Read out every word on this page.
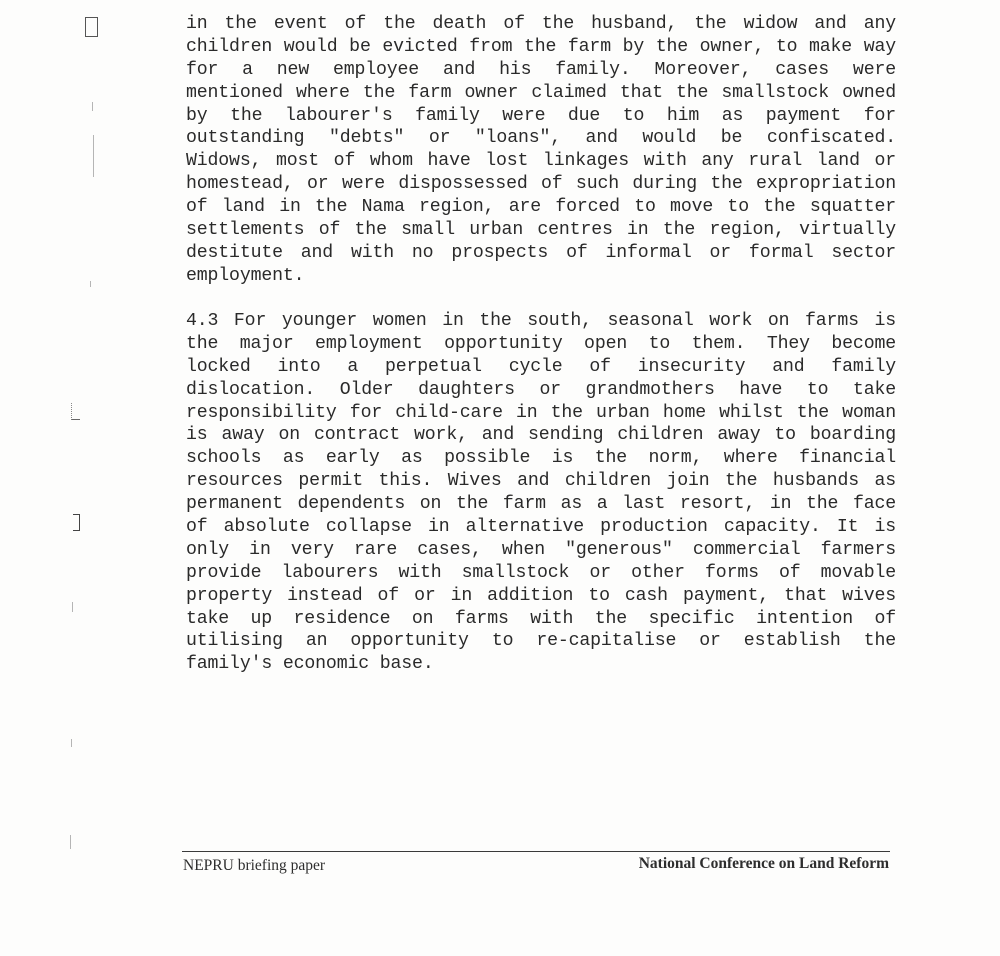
in the event of the death of the husband, the widow and any
children would be evicted from the farm by the owner, to make way
for a new employee and his family. Moreover, cases were
mentioned where the farm owner claimed that the smallstock owned
by the labourer's family were due to him as payment for
outstanding "debts" or "loans", and would be confiscated.
Widows, most of whom have lost linkages with any rural land or
homestead, or were dispossessed of such during the expropriation
of land in the Nama region, are forced to move to the squatter
settlements of the small urban centres in the region, virtually
destitute and with no prospects of informal or formal sector
employment.
4.3 For younger women in the south, seasonal work on farms is
the major employment opportunity open to them. They become
locked into a perpetual cycle of insecurity and family
dislocation. Older daughters or grandmothers have to take
responsibility for child-care in the urban home whilst the woman
is away on contract work, and sending children away to boarding
schools as early as possible is the norm, where financial
resources permit this. Wives and children join the husbands as
permanent dependents on the farm as a last resort, in the face
of absolute collapse in alternative production capacity. It is
only in very rare cases, when "generous" commercial farmers
provide labourers with smallstock or other forms of movable
property instead of or in addition to cash payment, that wives
take up residence on farms with the specific intention of
utilising an opportunity to re-capitalise or establish the
family's economic base.
NEPRU briefing paper	National Conference on Land Reform
